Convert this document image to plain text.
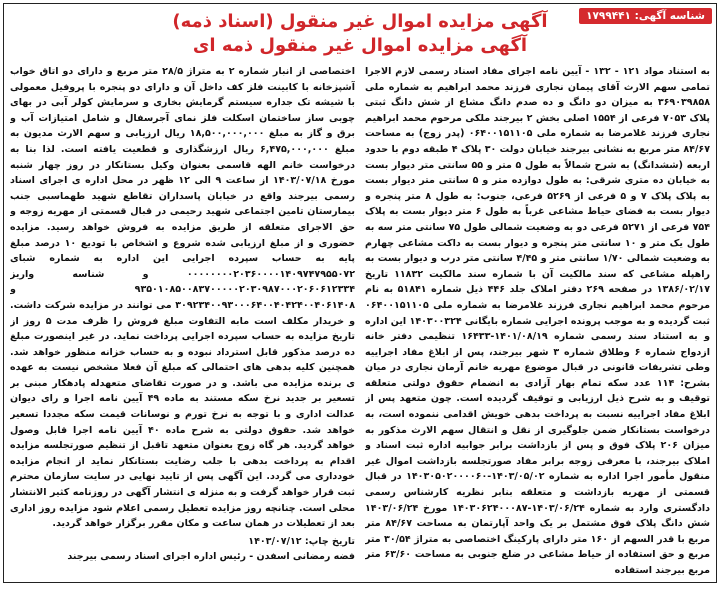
شناسه آگهی: ۱۷۹۹۴۴۱
آگهی مزایده اموال غیر منقول (اسناد ذمه)
آگهی مزایده اموال غیر منقول ذمه ای

به استناد مواد ۱۲۱ - ۱۳۲ - آیین نامه اجرای مفاد اسناد رسمی لازم الاجرا تمامی سهم الارث آقای پیمان نجاری فرزند محمد ابراهیم به شماره ملی ۳۶۹۰۳۹۸۵۸ به میزان دو دانگ و ده صدم دانگ مشاع از شش دانگ ثبتی پلاک ۷۰۵۳ فرعی از ۱۵۵۴ اصلی بخش ۲ بیرجند ملکی مرحوم محمد ابراهیم نجاری فرزند غلامرضا به شماره ملی ۰۶۴۰۰۱۵۱۱۰۵ (پدر زوج) به مساحت ۸۴/۶۷ متر مربع به نشانی بیرجند خیابان دولت ۳۰ پلاک ۴ طبقه دوم با حدود اربعه (ششدانگ) به شرح شمالاً به طول ۵ متر و ۵۵ سانتی متر دیوار بست به خیابان ده متری شرقی: به طول دوازده متر و ۵ سانتی متر دیوار بست به پلاک پلاک ۷ و ۵ فرعی از ۵۲۶۹ فرعی، جنوب: به طول ۸ متر پنجره و دیوار بست به فضای حیاط مشاعی غرباً به طول ۶ متر دیوار بست به پلاک ۷۵۴ فرعی از ۵۲۷۱ فرعی دو به وضعیت شمالی طول ۷۵ سانتی متر سه به طول یک متر و ۱۰ سانتی متر پنجره و دیوار بست به داکت مشاعی چهارم به وضعیت شمالی ۱/۷۰ سانتی متر و ۴/۴۵ سانتی متر درب و دیوار بست به راهپله مشاعی که سند مالکیت آن با شماره سند مالکیت ۱۱۸۳۲ تاریخ ۱۳۸۶/۰۲/۱۷ در صفحه ۲۶۹ دفتر املاک جلد ۴۴۶ ذیل شماره ۵۱۸۴۱ به نام مرحوم محمد ابراهیم نجاری فرزند غلامرضا به شماره ملی ۰۶۴۰۰۱۵۱۱۰۵ ثبت گردیده و به موجب پرونده اجرایی شماره بایگانی ۱۴۰۳۰۰۳۲۴ این اداره و به استناد سند رسمی شماره ۱۴۰۱/۰۸/۱۹-۱۶۴۳۳ تنظیمی دفتر خانه ازدواج شماره ۶ وطلاق شماره ۳ شهر بیرجند، پس از ابلاغ مفاد اجراییه وطی تشریفات قانونی در قبال موضوع مهریه خانم آرمان نجاری در میان بشرح: ۱۱۴ عدد سکه تمام بهار آزادی به انضمام حقوق دولتی متعلقه توقیف و به شرح ذیل ارزیابی و توقیف گردیده است. چون متعهد پس از ابلاغ مفاد اجراییه نسبت به پرداخت بدهی خویش اقدامی ننموده است، به درخواست بستانکار ضمن جلوگیری از نقل و انتقال سهم الارث مذکور به میزان ۲۰۶ پلاک فوق و پس از بازداشت برابر جوابیه اداره ثبت اسناد و املاک بیرجند، با معرفی زوجه برابر مفاد صورتجلسه بازداشت اموال غیر منقول مأمور اجرا اداره به شماره ۱۴۰۳/۰۵/۰۲-۱۴۰۳۰۵۰۲۰۰۰۰۶۰ در قبال قسمتی از مهریه بازداشت و متعلقه بنابر نظریه کارشناس رسمی دادگستری وارد به شماره ۱۴۰۳/۰۶/۲۴-۱۴۰۳۰۶۲۴۰۰۰۸۷ مورخ ۱۴۰۳/۰۶/۲۴ شش دانگ پلاک فوق مشتمل بر یک واحد آپارتمان به مساحت ۸۴/۶۷ متر مربع با قدر السهم از ۱۶۰ متر دارای پارکینگ اختصاصی به متراژ ۳۰/۵۴ متر مربع و حق استفاده از حیاط مشاعی در ضلع جنوبی به مساحت ۶۳/۶۰ متر مربع بیرجند استفاده

اختصاصی از انبار شماره ۲ به متراژ ۲۸/۵ متر مربع و دارای دو اتاق خواب آشپزخانه با کابینت فلز کف داخل آن و دارای دو پنجره با پروفیل معمولی با شیشه تک جداره سیستم گرمایش بخاری و سرمایش کولر آبی در بهای چوبی ساز ساختمان اسکلت فلز نمای آجرسفال و شامل امتیازات آب و برق و گاز به مبلغ ۱۸,۵۰۰,۰۰۰,۰۰۰ ریال ارزیابی و سهم الارث مدیون به مبلغ ۶,۴۷۵,۰۰۰,۰۰۰ ریال ارزشگذاری و قطعیت یافته است. لذا بنا به درخواست خانم الهه قاسمی بعنوان وکیل بستانکار در روز چهار شنبه مورخ ۱۴۰۳/۰۷/۱۸ از ساعت ۹ الی ۱۲ ظهر در محل اداره ی اجرای اسناد رسمی بیرجند واقع در خیابان پاسداران تقاطع شهید طهماسبی جنب بیمارستان تامین اجتماعی شهید رحیمی در قبال قسمتی از مهریه زوجه و حق الاجرای متعلقه از طریق مزایده به فروش خواهد رسید. مزایده حضوری و از مبلغ ارزیابی شده شروع و اشخاص با تودیع ۱۰ درصد مبلغ پایه به حساب سپرده اجرایی این اداره به شماره شبای ۰۰۰۰۰۰۰۰۲۰۳۶۰۰۰۰۱۴۰۹۷۴۷۹۵۵۰۷۲ و شناسه واریز ۹۳۵۰۱۰۸۵۰۰۸۳۷۰۰۰۰۰۲۰۳۰۹۸۷۰۰۰۲۰۶۰۶۱۲۳۳۴ و ۳۰۹۲۳۴۰۰۹۳۰۰۰۶۴۰۰۴۰۴۲۴۰۰۴۰۶۱۴۰۸ می توانند در مزایده شرکت داشت. و خریدار مکلف است مابه التفاوت مبلغ فروش را ظرف مدت ۵ روز از تاریخ مزایده به حساب سپرده اجرایی پرداخت نماید. در غیر اینصورت مبلغ ده درصد مذکور قابل استرداد نبوده و به حساب خزانه منظور خواهد شد. همچنین کلیه بدهی های احتمالی که مبلغ آن فعلا مشخص نیست به عهده ی برنده مزایده می باشد. و در صورت تقاضای متعهدله پادهکار مبنی بر تسعیر بر جدید نرخ سکه مستند به ماده ۴۹ آیین نامه اجرا و رای دیوان عدالت اداری و با توجه به نرخ تورم و نوسانات قیمت سکه مجددا تسعیر خواهد شد. حقوق دولتی به شرح ماده ۴۰ آیین نامه اجرا قابل وصول خواهد گردید. هر گاه زوج بعنوان متعهد تاقبل از تنظیم صورتجلسه مزایده اقدام به پرداخت بدهی با جلب رضایت بستانکار نماید از انجام مزایده خودداری می گردد. این آگهی پس از تایید نهایی در سایت سازمان محترم ثبت قرار خواهد گرفت و به منزله ی انتشار آگهی در روزنامه کثیر الانتشار محلی است. چنانچه روز مزایده تعطیل رسمی اعلام شود مزایده روز اداری بعد از تعطیلات در همان ساعت و مکان مقرر برگزار خواهد گردید.

تاریخ چاپ: ۱۴۰۳/۰۷/۱۲
فضه رمضانی اسفدن - رئیس اداره اجرای اسناد رسمی بیرجند
